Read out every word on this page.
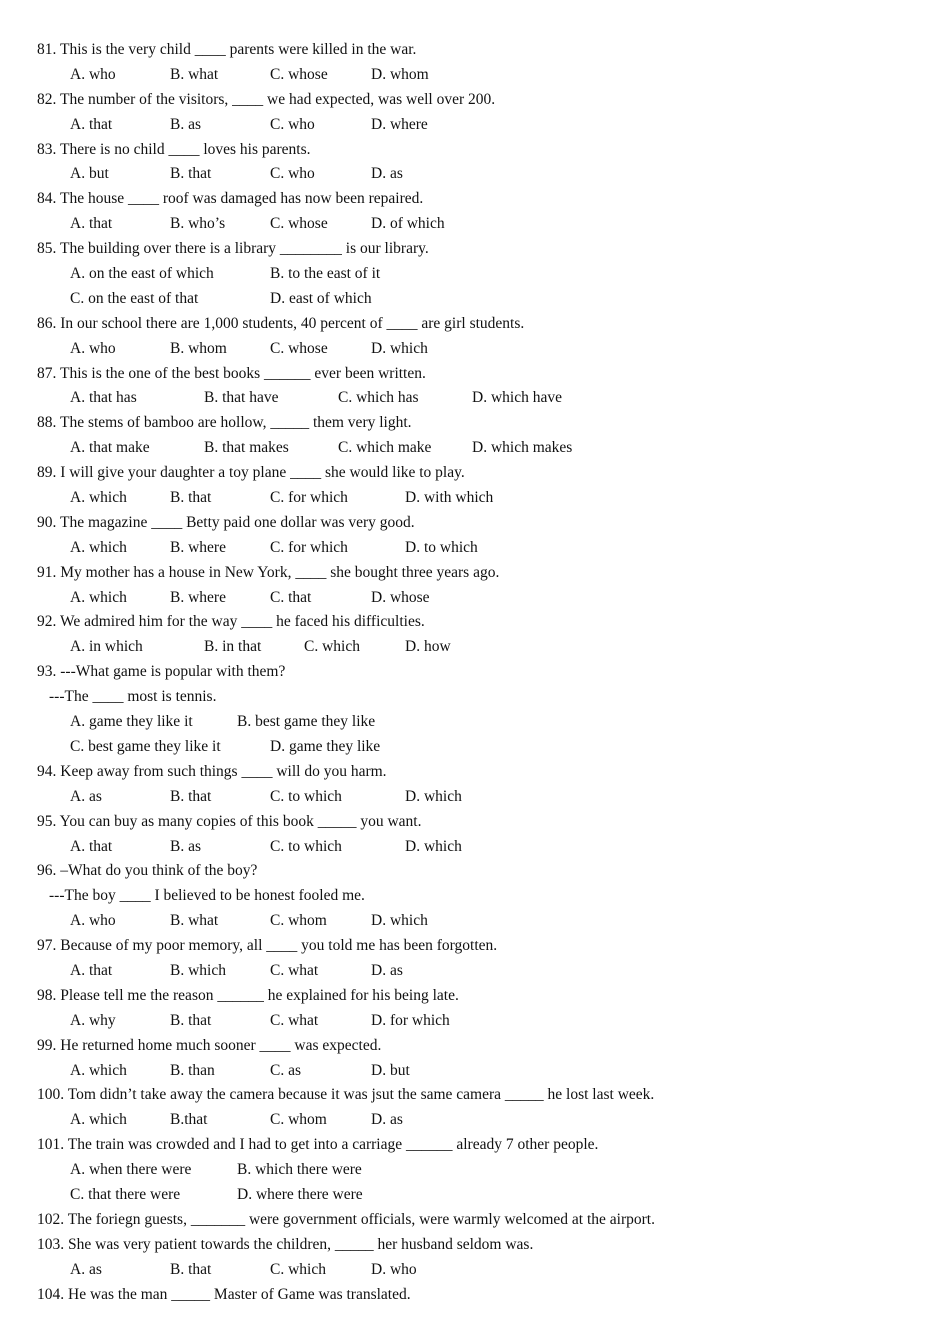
81. This is the very child ____ parents were killed in the war.
A. who	B. what	C. whose	D. whom
82. The number of the visitors, ____ we had expected, was well over 200.
A. that	B. as	C. who	D. where
83. There is no child ____ loves his parents.
A. but	B. that	C. who	D. as
84. The house ____ roof was damaged has now been repaired.
A. that	B. who’s	C. whose	D. of which
85. The building over there is a library ________ is our library.
A. on the east of which	B. to the east of it
C. on the east of that	D. east of which
86. In our school there are 1,000 students, 40 percent of ____ are girl students.
A. who	B. whom	C. whose	D. which
87. This is the one of the best books ______ ever been written.
A. that has	B. that have	C. which has	D. which have
88. The stems of bamboo are hollow, _____ them very light.
A. that make	B. that makes	C. which make	D. which makes
89. I will give your daughter a toy plane ____ she would like to play.
A. which	B. that	C. for which	D. with which
90. The magazine ____ Betty paid one dollar was very good.
A. which	B. where	C. for which	D. to which
91. My mother has a house in New York, ____ she bought three years ago.
A. which	B. where	C. that	D. whose
92. We admired him for the way ____ he faced his difficulties.
A. in which	B. in that	C. which	D. how
93. ---What game is popular with them?
---The ____ most is tennis.
A. game they like it	B. best game they like
C. best game they like it	D. game they like
94. Keep away from such things ____ will do you harm.
A. as	B. that	C. to which	D. which
95. You can buy as many copies of this book _____ you want.
A. that	B. as	C. to which	D. which
96. –What do you think of the boy?
---The boy ____ I believed to be honest fooled me.
A. who	B. what	C. whom	D. which
97. Because of my poor memory, all ____ you told me has been forgotten.
A. that	B. which	C. what	D. as
98. Please tell me the reason ______ he explained for his being late.
A. why	B. that	C. what	D. for which
99. He returned home much sooner ____ was expected.
A. which	B. than	C. as	D. but
100. Tom didn’t take away the camera because it was jsut the same camera _____ he lost last week.
A. which	B.that	C. whom	D. as
101. The train was crowded and I had to get into a carriage ______ already 7 other people.
A. when there were	B. which there were
C. that there were	D. where there were
102. The foriegn guests, _______ were government officials, were warmly welcomed at the airport.
103. She was very patient towards the children, _____ her husband seldom was.
A. as	B. that	C. which	D. who
104. He was the man _____ Master of Game was translated.
